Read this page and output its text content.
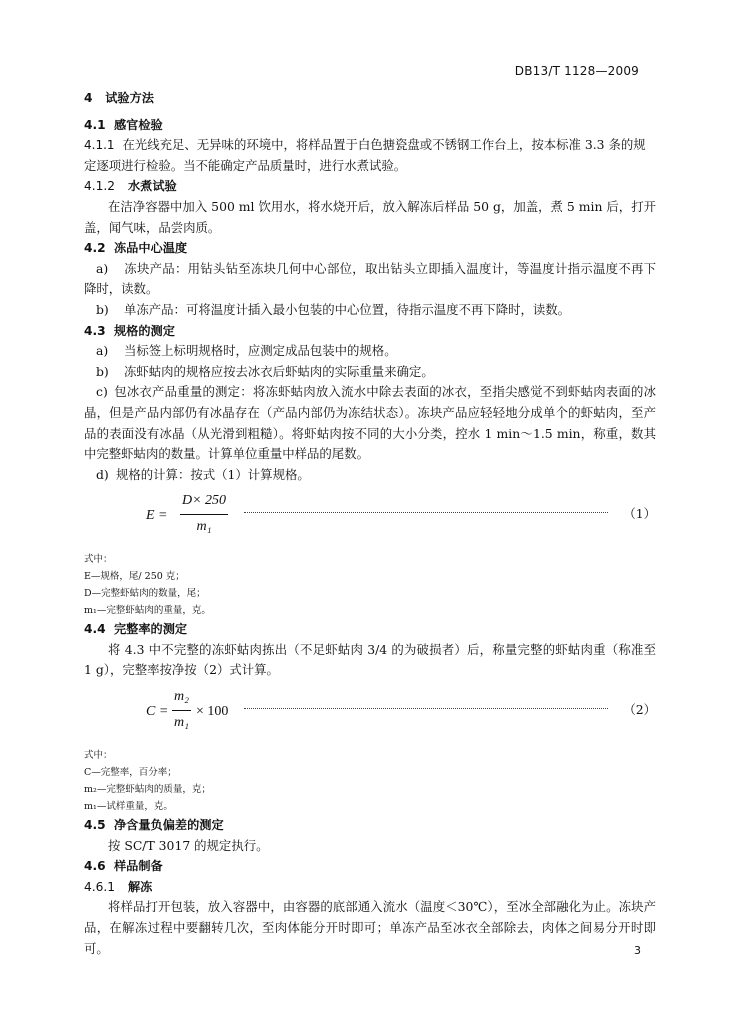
DB13/T 1128—2009
4 试验方法
4.1 感官检验
4.1.1 在光线充足、无异味的环境中，将样品置于白色搪瓷盘或不锈钢工作台上，按本标准 3.3 条的规定逐项进行检验。当不能确定产品质量时，进行水煮试验。
4.1.2 水煮试验
在洁净容器中加入 500 ml 饮用水，将水烧开后，放入解冻后样品 50 g，加盖，煮 5 min 后，打开盖，闻气味，品尝肉质。
4.2 冻品中心温度
a) 冻块产品：用钻头钻至冻块几何中心部位，取出钻头立即插入温度计，等温度计指示温度不再下降时，读数。
b) 单冻产品：可将温度计插入最小包装的中心位置，待指示温度不再下降时，读数。
4.3 规格的测定
a) 当标签上标明规格时，应测定成品包装中的规格。
b) 冻虾蛄肉的规格应按去冰衣后虾蛄肉的实际重量来确定。
c) 包冰衣产品重量的测定：将冻虾蛄肉放入流水中除去表面的冰衣，至指尖感觉不到虾蛄肉表面的冰晶，但是产品内部仍有冰晶存在（产品内部仍为冻结状态）。冻块产品应轻轻地分成单个的虾蛄肉，至产品的表面没有冰晶（从光滑到粗糙）。将虾蛄肉按不同的大小分类，控水 1 min～1.5 min，称重，数其中完整虾蛄肉的数量。计算单位重量中样品的尾数。
d) 规格的计算：按式（1）计算规格。
$E = \frac{D\times 250}{\text{m₁}}$	（1）
式中：
E—规格，尾/ 250 克；
D—完整虾蛄肉的数量，尾；
m₁—完整虾蛄肉的重量，克。
4.4 完整率的测定
将 4.3 中不完整的冻虾蛄肉拣出（不足虾蛄肉 3/4 的为破损者）后，称量完整的虾蛄肉重（称准至 1 g），完整率按净按（2）式计算。
$C = \frac{\text{m₂}}{\text{m₁}} \times 100$	（2）
式中：
C—完整率，百分率；
m₂—完整虾蛄肉的质量，克；
m₁—试样重量，克。
4.5 净含量负偏差的测定
按 SC/T 3017 的规定执行。
4.6 样品制备
4.6.1 解冻
将样品打开包装，放入容器中，由容器的底部通入流水（温度＜30℃），至冰全部融化为止。冻块产品，在解冻过程中要翻转几次，至肉体能分开时即可；单冻产品至冰衣全部除去，肉体之间易分开时即可。	3
